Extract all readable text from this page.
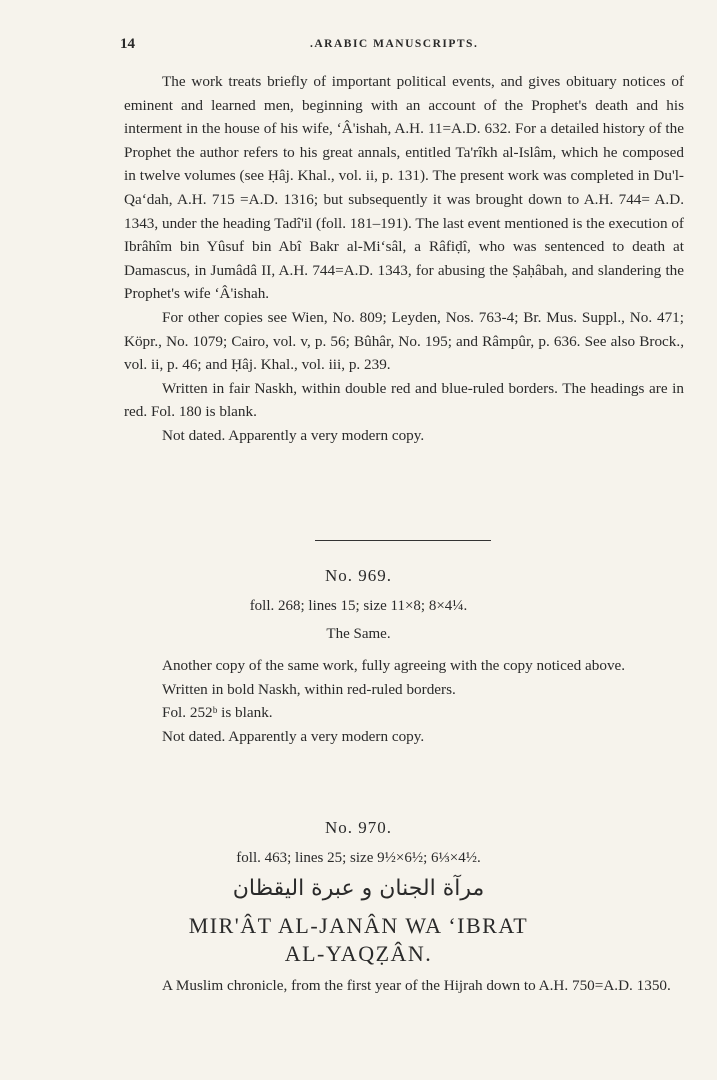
14	.ARABIC MANUSCRIPTS.

The work treats briefly of important political events, and gives obituary notices of eminent and learned men, beginning with an account of the Prophet's death and his interment in the house of his wife, ‘Â'ishah, A.H. 11=A.D. 632. For a detailed history of the Prophet the author refers to his great annals, entitled Ta'rîkh al-Islâm, which he composed in twelve volumes (see Ḥâj. Khal., vol. ii, p. 131). The present work was completed in Du'l-Qa‘dah, A.H. 715 =A.D. 1316; but subsequently it was brought down to A.H. 744= A.D. 1343, under the heading Tadî'il (foll. 181–191). The last event mentioned is the execution of Ibrâhîm bin Yûsuf bin Abî Bakr al-Mi‘sâl, a Râfiḍî, who was sentenced to death at Damascus, in Jumâdâ II, A.H. 744=A.D. 1343, for abusing the Ṣaḥâbah, and slandering the Prophet's wife ‘Â'ishah.

For other copies see Wien, No. 809; Leyden, Nos. 763-4; Br. Mus. Suppl., No. 471; Köpr., No. 1079; Cairo, vol. v, p. 56; Bûhâr, No. 195; and Râmpûr, p. 636. See also Brock., vol. ii, p. 46; and Ḥâj. Khal., vol. iii, p. 239.

Written in fair Naskh, within double red and blue-ruled borders. The headings are in red. Fol. 180 is blank.

Not dated. Apparently a very modern copy.

No. 969.
foll. 268; lines 15; size 11×8; 8×4¼.
The Same.

Another copy of the same work, fully agreeing with the copy noticed above.

Written in bold Naskh, within red-ruled borders.

Fol. 252ᵇ is blank.

Not dated. Apparently a very modern copy.

No. 970.
foll. 463; lines 25; size 9½×6½; 6⅓×4½.
مرآة الجنان و عبرة اليقظان
MIR'ÂT AL-JANÂN WA ‘IBRAT
AL-YAQẒÂN.

A Muslim chronicle, from the first year of the Hijrah down to A.H. 750=A.D. 1350.
